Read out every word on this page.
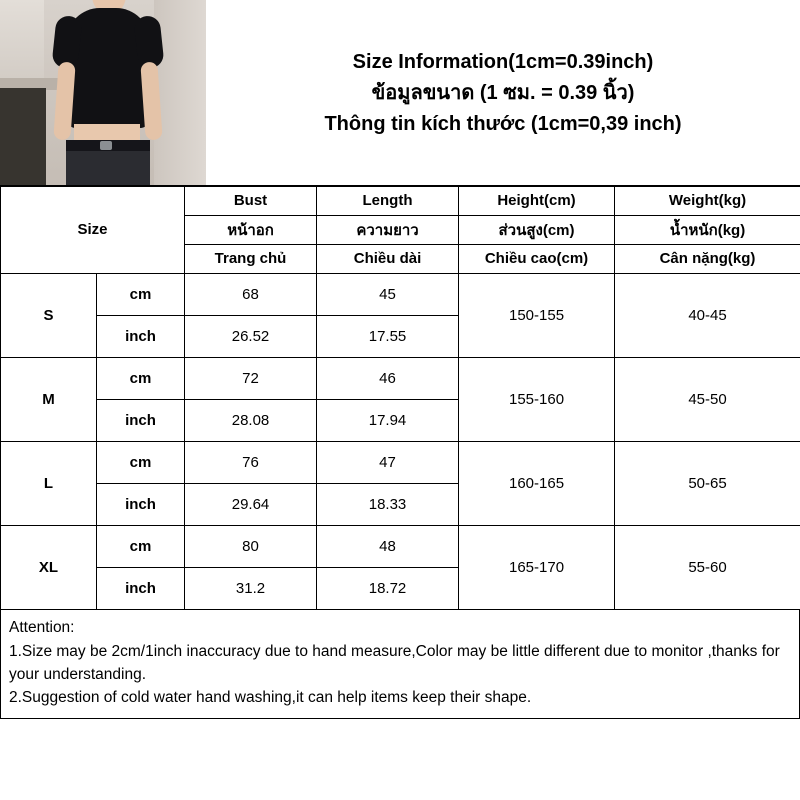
Size Information(1cm=0.39inch)
ข้อมูลขนาด (1 ซม. = 0.39 นิ้ว)
Thông tin kích thước (1cm=0,39 inch)
Size		Bust	Length	Height(cm)	Weight(kg)
		หน้าอก	ความยาว	ส่วนสูง(cm)	น้ำหนัก(kg)
		Trang chủ	Chiều dài	Chiều cao(cm)	Cân nặng(kg)
S	cm	68	45	150-155	40-45
	inch	26.52	17.55		
M	cm	72	46	155-160	45-50
	inch	28.08	17.94		
L	cm	76	47	160-165	50-65
	inch	29.64	18.33		
XL	cm	80	48	165-170	55-60
	inch	31.2	18.72		
Attention:
1.Size may be 2cm/1inch inaccuracy due to hand measure,Color may be little different due to monitor ,thanks for your understanding.
2.Suggestion of cold water hand washing,it can help items keep their shape.
